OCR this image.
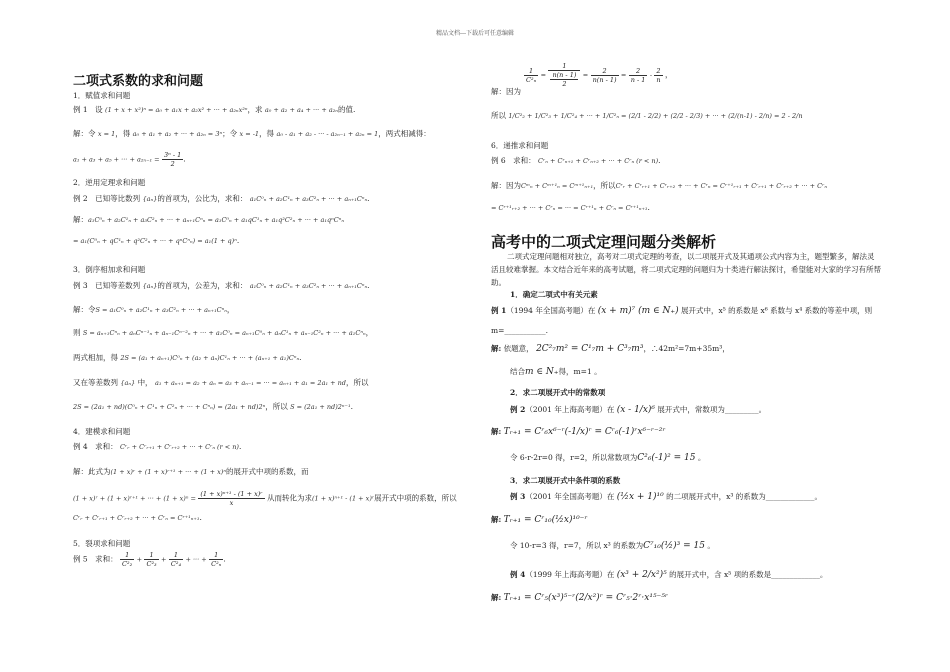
精品文档---下载后可任意编辑
二项式系数的求和问题
1．赋值求和问题
例 1　设 (1 + x + x²)ⁿ = a₀ + a₁x + a₂x² + ··· + a₂ₙx²ⁿ，求 a₀ + a₂ + a₄ + ··· + a₂ₙ的值.
解：令 x = 1，得 a₀ + a₁ + a₂ + ··· + a₂ₙ = 3ⁿ；令 x = -1，得 a₀ - a₁ + a₂ - ··· - a₂ₙ₋₁ + a₂ₙ = 1，两式相减得：
a₁ + a₃ + a₅ + ··· + $a_{2n-1} = \frac{\text{3ⁿ - 1}}{2}$ .
2．逆用定理求和问题
例 2　已知等比数列 {aₙ}的首项为，公比为，求和： a₁C⁰ₙ + a₂C¹ₙ + a₃C²ₙ + ··· + aₙ₊₁Cⁿₙ.
解：a₁C⁰ₙ + a₂C¹ₙ + a₃C²ₙ + ··· + aₙ₊₁Cⁿₙ = a₁C⁰ₙ + a₁qC¹ₙ + a₁q²C²ₙ + ··· + a₁qⁿCⁿₙ
= a₁(C⁰ₙ + qC¹ₙ + q²C²ₙ + ··· + qⁿCⁿₙ) = a₁(1 + q)ⁿ.
3．倒序相加求和问题
例 3　已知等差数列 {aₙ}的首项为，公差为，求和： a₁C⁰ₙ + a₂C¹ₙ + a₃C²ₙ + ··· + aₙ₊₁Cⁿₙ.
解：令S = a₁C⁰ₙ + a₂C¹ₙ + a₃C²ₙ + ··· + aₙ₊₁Cⁿₙ，
则 S = aₙ₊₁Cⁿₙ + aₙCⁿ⁻¹ₙ + aₙ₋₁Cⁿ⁻²ₙ + ··· + a₁C⁰ₙ = aₙ₊₁C⁰ₙ + aₙC¹ₙ + aₙ₋₁C²ₙ + ··· + a₁Cⁿₙ，
两式相加，得 2S = (a₁ + aₙ₊₁)C⁰ₙ + (a₂ + aₙ)C¹ₙ + ··· + (aₙ₊₁ + a₁)Cⁿₙ.
又在等差数列 {aₙ} 中， a₁ + aₙ₊₁ = a₂ + aₙ = a₃ + aₙ₋₁ = ··· = aₙ₊₁ + a₁ = 2a₁ + nd，所以
2S = (2a₁ + nd)(C⁰ₙ + C¹ₙ + C²ₙ + ··· + Cⁿₙ) = (2a₁ + nd)2ⁿ，所以 S = (2a₁ + nd)2ⁿ⁻¹.
4．建模求和问题
例 4　求和： Cʳᵣ + Cʳᵣ₊₁ + Cʳᵣ₊₂ + ··· + Cʳₙ (r < n).
解：此式为(1 + x)ʳ + (1 + x)ʳ⁺¹ + ··· + (1 + x)ⁿ的展开式中项的系数，而
(1 + x)ʳ + (1 + x)ʳ⁺¹ + ··· + $(1 + x)^n = \frac{\text{(1 + x)ⁿ⁺¹ - (1 + x)ʳ}}{x}$ 从而转化为求(1 + x)ⁿ⁺¹ - (1 + x)ʳ展开式中项的系数，所以
Cʳᵣ + Cʳᵣ₊₁ + Cʳᵣ₊₂ + ··· + Cʳₙ = Cʳ⁺¹ₙ₊₁.
5．裂项求和问题
例 5　求和： $\frac{1}{\text{C²₂}} + \frac{1}{\text{C²₃}} + \frac{1}{\text{C²₄}}$ + ··· + $\frac{1}{\text{C²ₙ}}$ .
$\frac{1}{\text{C²ₙ}} = \frac{1}{\frac{n(n - 1)}{2}} = \frac{2}{n(n - 1)} = \frac{2}{n - 1} - \frac{2}{n}$ ，
解：因为
所以 1/C²₂ + 1/C²₃ + 1/C²₄ + ··· + 1/C²ₙ = (2/1 - 2/2) + (2/2 - 2/3) + ··· + (2/(n-1) - 2/n) = 2 - 2/n
6．递推求和问题
例 6　求和： Cʳₙ + Cʳₙ₊₁ + Cʳₙ₊₂ + ··· + Cʳₙ (r < n).
解：因为Cᵐₙ + Cᵐ⁺¹ₙ = Cᵐ⁺¹ₙ₊₁，所以Cʳᵣ + Cʳᵣ₊₁ + Cʳᵣ₊₂ + ··· + Cʳₙ = Cʳ⁺¹ᵣ₊₁ + Cʳᵣ₊₁ + Cʳᵣ₊₂ + ··· + Cʳₙ
= Cʳ⁺¹ᵣ₊₂ + ··· + Cʳₙ = ··· = Cʳ⁺¹ₙ + Cʳₙ = Cʳ⁺¹ₙ₊₁.
高考中的二项式定理问题分类解析
二项式定理问题相对独立，高考对二项式定理的考查，以二项展开式及其通项公式内容为主，题型繁多，解法灵活且较难掌握。本文结合近年来的高考试题，将二项式定理的问题归为十类进行解法探讨，希望能对大家的学习有所帮助。
1．确定二项式中有关元素
例 1（1994 年全国高考题）在 (x + m)⁷ (m ∈ N₊) 展开式中，x⁵ 的系数是 x⁶ 系数与 x⁴ 系数的等差中项，则
m=___________.
解: 依题意， 2C²₇m² = C¹₇m + C³₇m³，∴42m²=7m+35m³，
结合m ∈ N₊得，m=1 。
2．求二项展开式中的常数项
例 2（2001 年上海高考题）在 (x - 1/x)⁶ 展开式中，常数项为_________。
解: Tᵣ₊₁ = Cʳ₆x⁶⁻ʳ(-1/x)ʳ = Cʳ₆(-1)ʳx⁶⁻ʳ⁻²ʳ
令 6-r-2r=0 得，r=2，所以常数项为C²₆(-1)² = 15 。
3．求二项展开式中条件项的系数
例 3（2001 年全国高考题）在 (½x + 1)¹⁰ 的二项展开式中，x³ 的系数为_____________。
解: Tᵣ₊₁ = Cʳ₁₀(½x)¹⁰⁻ʳ
令 10-r=3 得，r=7，所以 x³ 的系数为C⁷₁₀(½)³ = 15 。
例 4（1999 年上海高考题）在 (x³ + 2/x²)⁵ 的展开式中，含 x⁵ 项的系数是_____________。
解: Tᵣ₊₁ = Cʳ₅(x³)⁵⁻ʳ(2/x²)ʳ = Cʳ₅·2ʳ·x¹⁵⁻⁵ʳ
